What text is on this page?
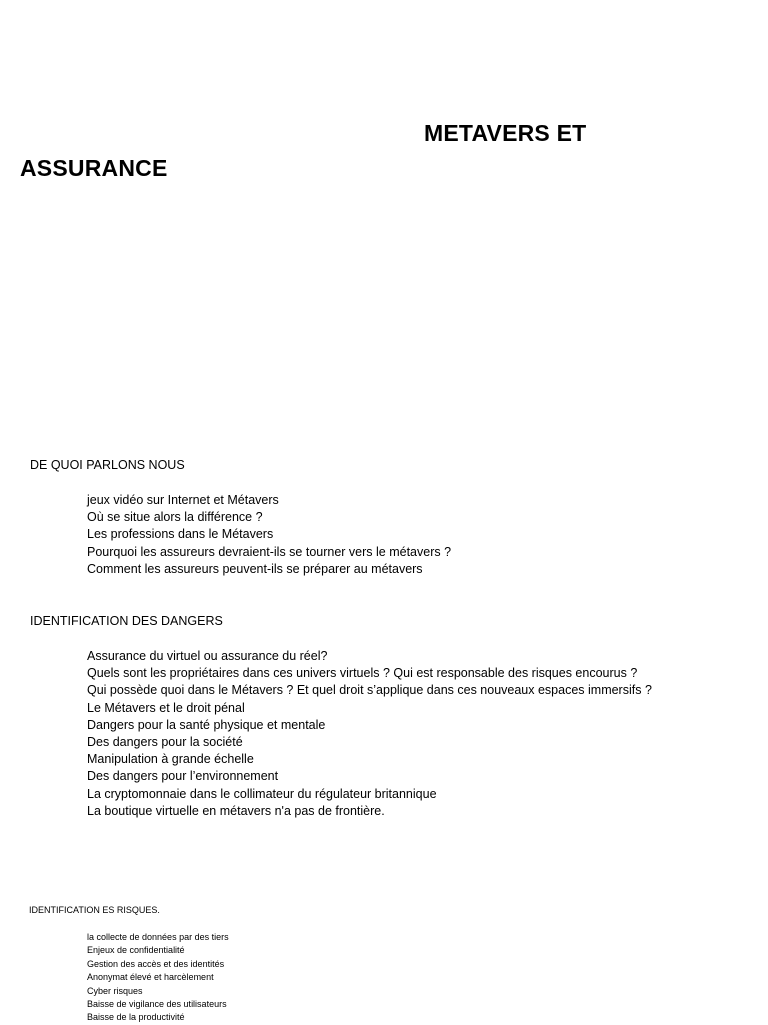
METAVERS ET
ASSURANCE
DE QUOI PARLONS NOUS
jeux vidéo sur Internet et Métavers
Où se situe alors la différence ?
Les professions dans le Métavers
Pourquoi les assureurs devraient-ils se tourner vers le métavers ?
Comment les assureurs peuvent-ils se préparer au métavers
IDENTIFICATION DES DANGERS
Assurance du virtuel ou assurance du réel?
Quels sont les propriétaires dans ces univers virtuels ? Qui est responsable des risques encourus ?
Qui possède quoi dans le Métavers ? Et quel droit s’applique dans ces nouveaux espaces immersifs ?
Le Métavers et le droit pénal
Dangers pour la santé physique et mentale
Des dangers pour la société
Manipulation à grande échelle
Des dangers pour l’environnement
La cryptomonnaie dans le collimateur du régulateur britannique
La boutique virtuelle en métavers n'a pas de frontière.
IDENTIFICATION ES RISQUES.
la collecte de données par des tiers
Enjeux de confidentialité
Gestion des accès et des identités
Anonymat élevé et harcèlement
Cyber risques
Baisse de vigilance des utilisateurs
Baisse de la productivité
